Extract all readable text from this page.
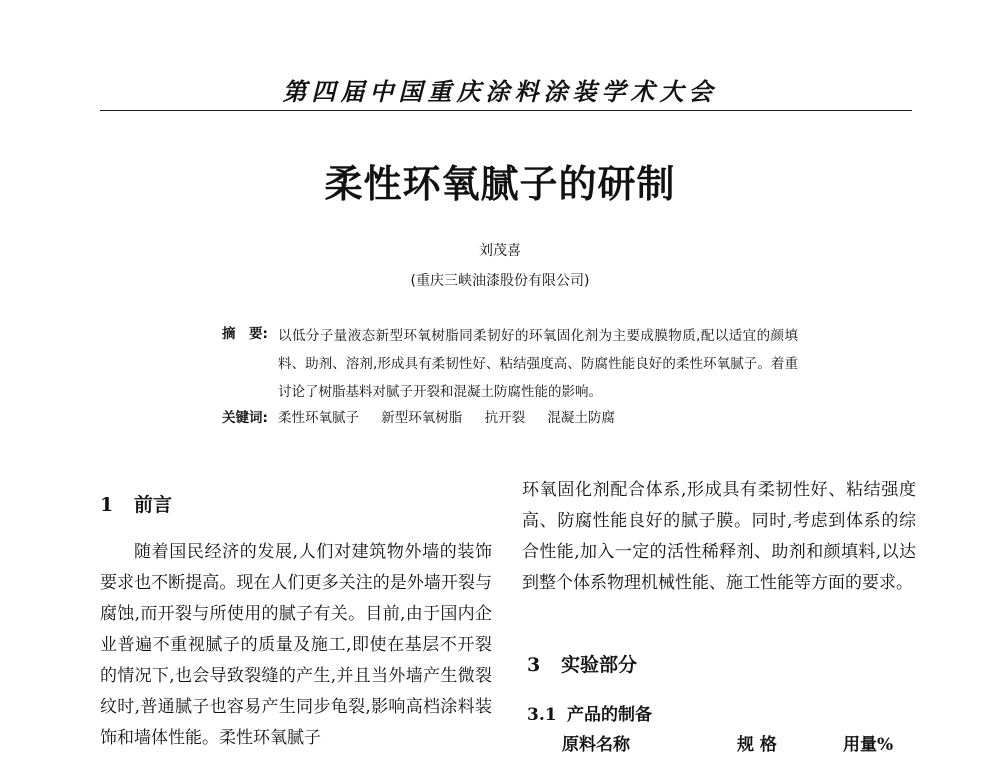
第四届中国重庆涂料涂装学术大会
柔性环氧腻子的研制
刘茂喜
(重庆三峡油漆股份有限公司)
摘　要: 以低分子量液态新型环氧树脂同柔韧好的环氧固化剂为主要成膜物质,配以适宜的颜填料、助剂、溶剂,形成具有柔韧性好、粘结强度高、防腐性能良好的柔性环氧腻子。着重讨论了树脂基料对腻子开裂和混凝土防腐性能的影响。
关键词: 柔性环氧腻子 新型环氧树脂 抗开裂 混凝土防腐
1 前言
随着国民经济的发展,人们对建筑物外墙的装饰要求也不断提高。现在人们更多关注的是外墙开裂与腐蚀,而开裂与所使用的腻子有关。目前,由于国内企业普遍不重视腻子的质量及施工,即使在基层不开裂的情况下,也会导致裂缝的产生,并且当外墙产生微裂纹时,普通腻子也容易产生同步龟裂,影响高档涂料装饰和墙体性能。柔性环氧腻子
环氧固化剂配合体系,形成具有柔韧性好、粘结强度高、防腐性能良好的腻子膜。同时,考虑到体系的综合性能,加入一定的活性稀释剂、助剂和颜填料,以达到整个体系物理机械性能、施工性能等方面的要求。
3 实验部分
3.1 产品的制备
原料名称	规 格	用量%
